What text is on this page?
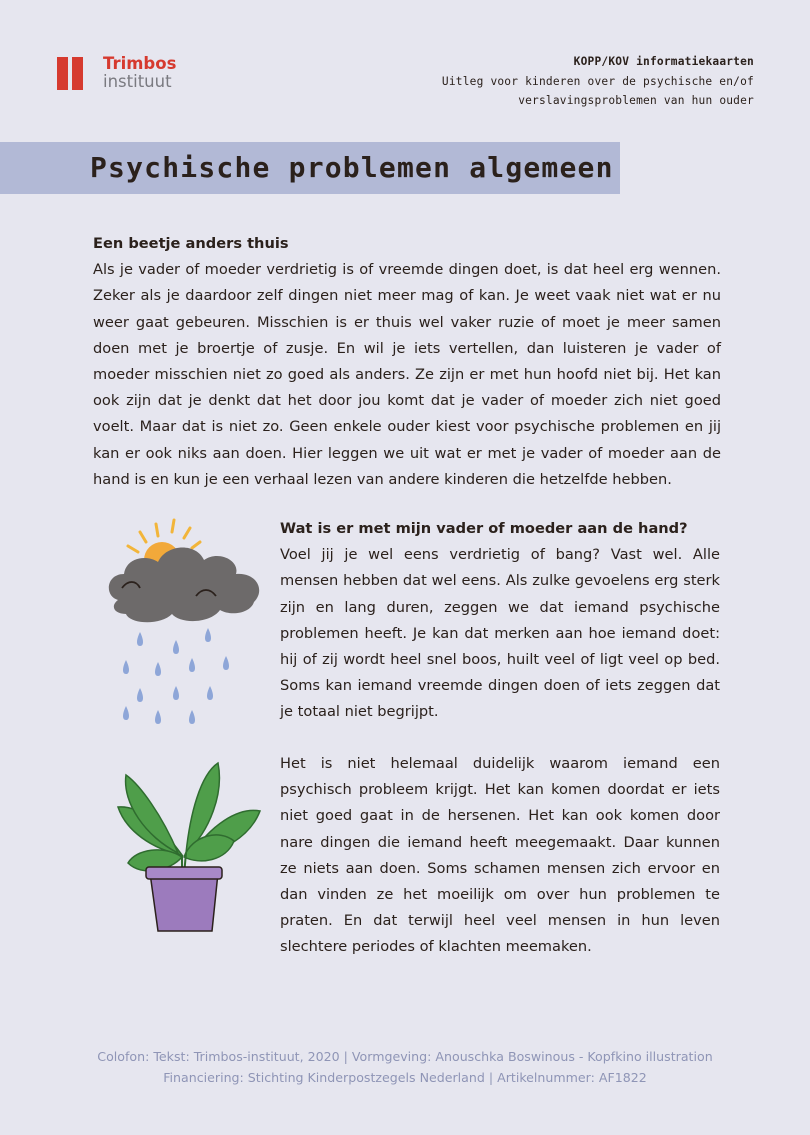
Trimbos
instituut
KOPP/KOV informatiekaarten
Uitleg voor kinderen over de psychische en/of
verslavingsproblemen van hun ouder
Psychische problemen algemeen
Een beetje anders thuis

Als je vader of moeder verdrietig is of vreemde dingen doet, is dat heel erg wennen. Zeker als je daardoor zelf dingen niet meer mag of kan. Je weet vaak niet wat er nu weer gaat gebeuren. Misschien is er thuis wel vaker ruzie of moet je meer samen doen met je broertje of zusje. En wil je iets vertellen, dan luisteren je vader of moeder misschien niet zo goed als anders. Ze zijn er met hun hoofd niet bij. Het kan ook zijn dat je denkt dat het door jou komt dat je vader of moeder zich niet goed voelt. Maar dat is niet zo. Geen enkele ouder kiest voor psychische problemen en jij kan er ook niks aan doen. Hier leggen we uit wat er met je vader of moeder aan de hand is en kun je een verhaal lezen van andere kinderen die hetzelfde hebben.

Wat is er met mijn vader of moeder aan de hand?

Voel jij je wel eens verdrietig of bang? Vast wel. Alle mensen hebben dat wel eens. Als zulke gevoelens erg sterk zijn en lang duren, zeggen we dat iemand psychische problemen heeft. Je kan dat merken aan hoe iemand doet: hij of zij wordt heel snel boos, huilt veel of ligt veel op bed. Soms kan iemand vreemde dingen doen of iets zeggen dat je totaal niet begrijpt.

Het is niet helemaal duidelijk waarom iemand een psychisch probleem krijgt. Het kan komen doordat er iets niet goed gaat in de hersenen. Het kan ook komen door nare dingen die iemand heeft meegemaakt. Daar kunnen ze niets aan doen. Soms schamen mensen zich ervoor en dan vinden ze het moeilijk om over hun problemen te praten. En dat terwijl heel veel mensen in hun leven slechtere periodes of klachten meemaken.

Colofon: Tekst: Trimbos-instituut, 2020 | Vormgeving: Anouschka Boswinous - Kopfkino illustration
Financiering: Stichting Kinderpostzegels Nederland | Artikelnummer: AF1822
